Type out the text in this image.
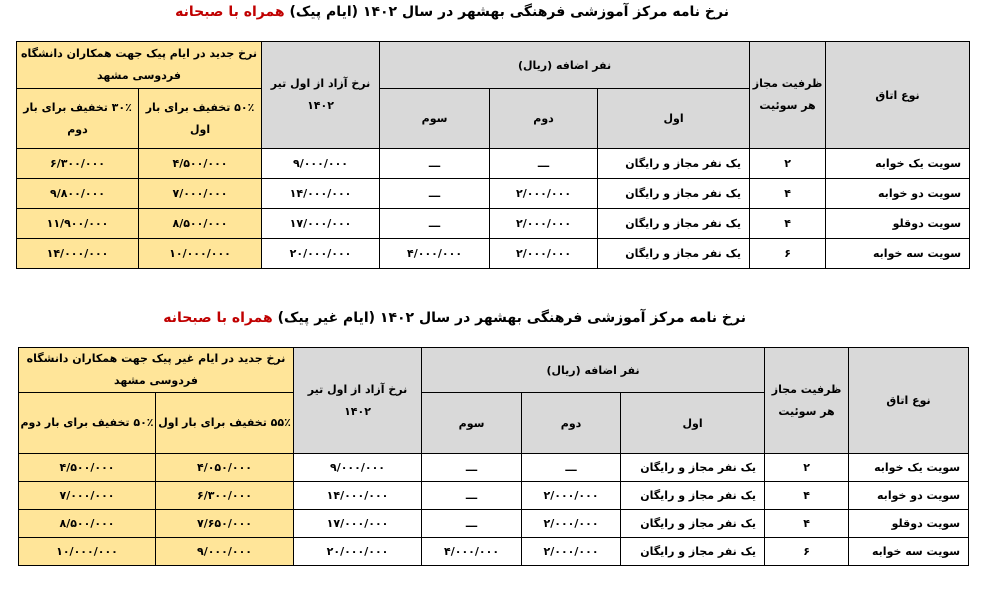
نرخ نامه مرکز آموزشی فرهنگی بهشهر در سال ۱۴۰۲ (ایام پیک) همراه با صبحانه
نوع اتاق	ظرفیت مجاز هر سوئیت	نفر اضافه (ریال)			نرخ آزاد از اول تیر ۱۴۰۲	نرخ جدید در ایام پیک جهت همکاران دانشگاه فردوسی مشهد	
		اول	دوم	سوم		۵۰٪ تخفیف برای بار اول	۳۰٪ تخفیف برای بار دوم
سویت یک خوابه	۲	یک نفر مجاز و رایگان	ـــ	ـــ	۹/۰۰۰/۰۰۰	۴/۵۰۰/۰۰۰	۶/۳۰۰/۰۰۰
سویت دو خوابه	۴	یک نفر مجاز و رایگان	۲/۰۰۰/۰۰۰	ـــ	۱۴/۰۰۰/۰۰۰	۷/۰۰۰/۰۰۰	۹/۸۰۰/۰۰۰
سویت دوقلو	۴	یک نفر مجاز و رایگان	۲/۰۰۰/۰۰۰	ـــ	۱۷/۰۰۰/۰۰۰	۸/۵۰۰/۰۰۰	۱۱/۹۰۰/۰۰۰
سویت سه خوابه	۶	یک نفر مجاز و رایگان	۲/۰۰۰/۰۰۰	۴/۰۰۰/۰۰۰	۲۰/۰۰۰/۰۰۰	۱۰/۰۰۰/۰۰۰	۱۴/۰۰۰/۰۰۰
نرخ نامه مرکز آموزشی فرهنگی بهشهر در سال ۱۴۰۲ (ایام غیر پیک) همراه با صبحانه
نوع اتاق	ظرفیت مجاز هر سوئیت	نفر اضافه (ریال)			نرخ آزاد از اول تیر ۱۴۰۲	نرخ جدید در ایام غیر پیک جهت همکاران دانشگاه فردوسی مشهد	
		اول	دوم	سوم		۵۵٪ تخفیف برای بار اول	۵۰٪ تخفیف برای بار دوم
سویت یک خوابه	۲	یک نفر مجاز و رایگان	ـــ	ـــ	۹/۰۰۰/۰۰۰	۴/۰۵۰/۰۰۰	۴/۵۰۰/۰۰۰
سویت دو خوابه	۴	یک نفر مجاز و رایگان	۲/۰۰۰/۰۰۰	ـــ	۱۴/۰۰۰/۰۰۰	۶/۳۰۰/۰۰۰	۷/۰۰۰/۰۰۰
سویت دوقلو	۴	یک نفر مجاز و رایگان	۲/۰۰۰/۰۰۰	ـــ	۱۷/۰۰۰/۰۰۰	۷/۶۵۰/۰۰۰	۸/۵۰۰/۰۰۰
سویت سه خوابه	۶	یک نفر مجاز و رایگان	۲/۰۰۰/۰۰۰	۴/۰۰۰/۰۰۰	۲۰/۰۰۰/۰۰۰	۹/۰۰۰/۰۰۰	۱۰/۰۰۰/۰۰۰
